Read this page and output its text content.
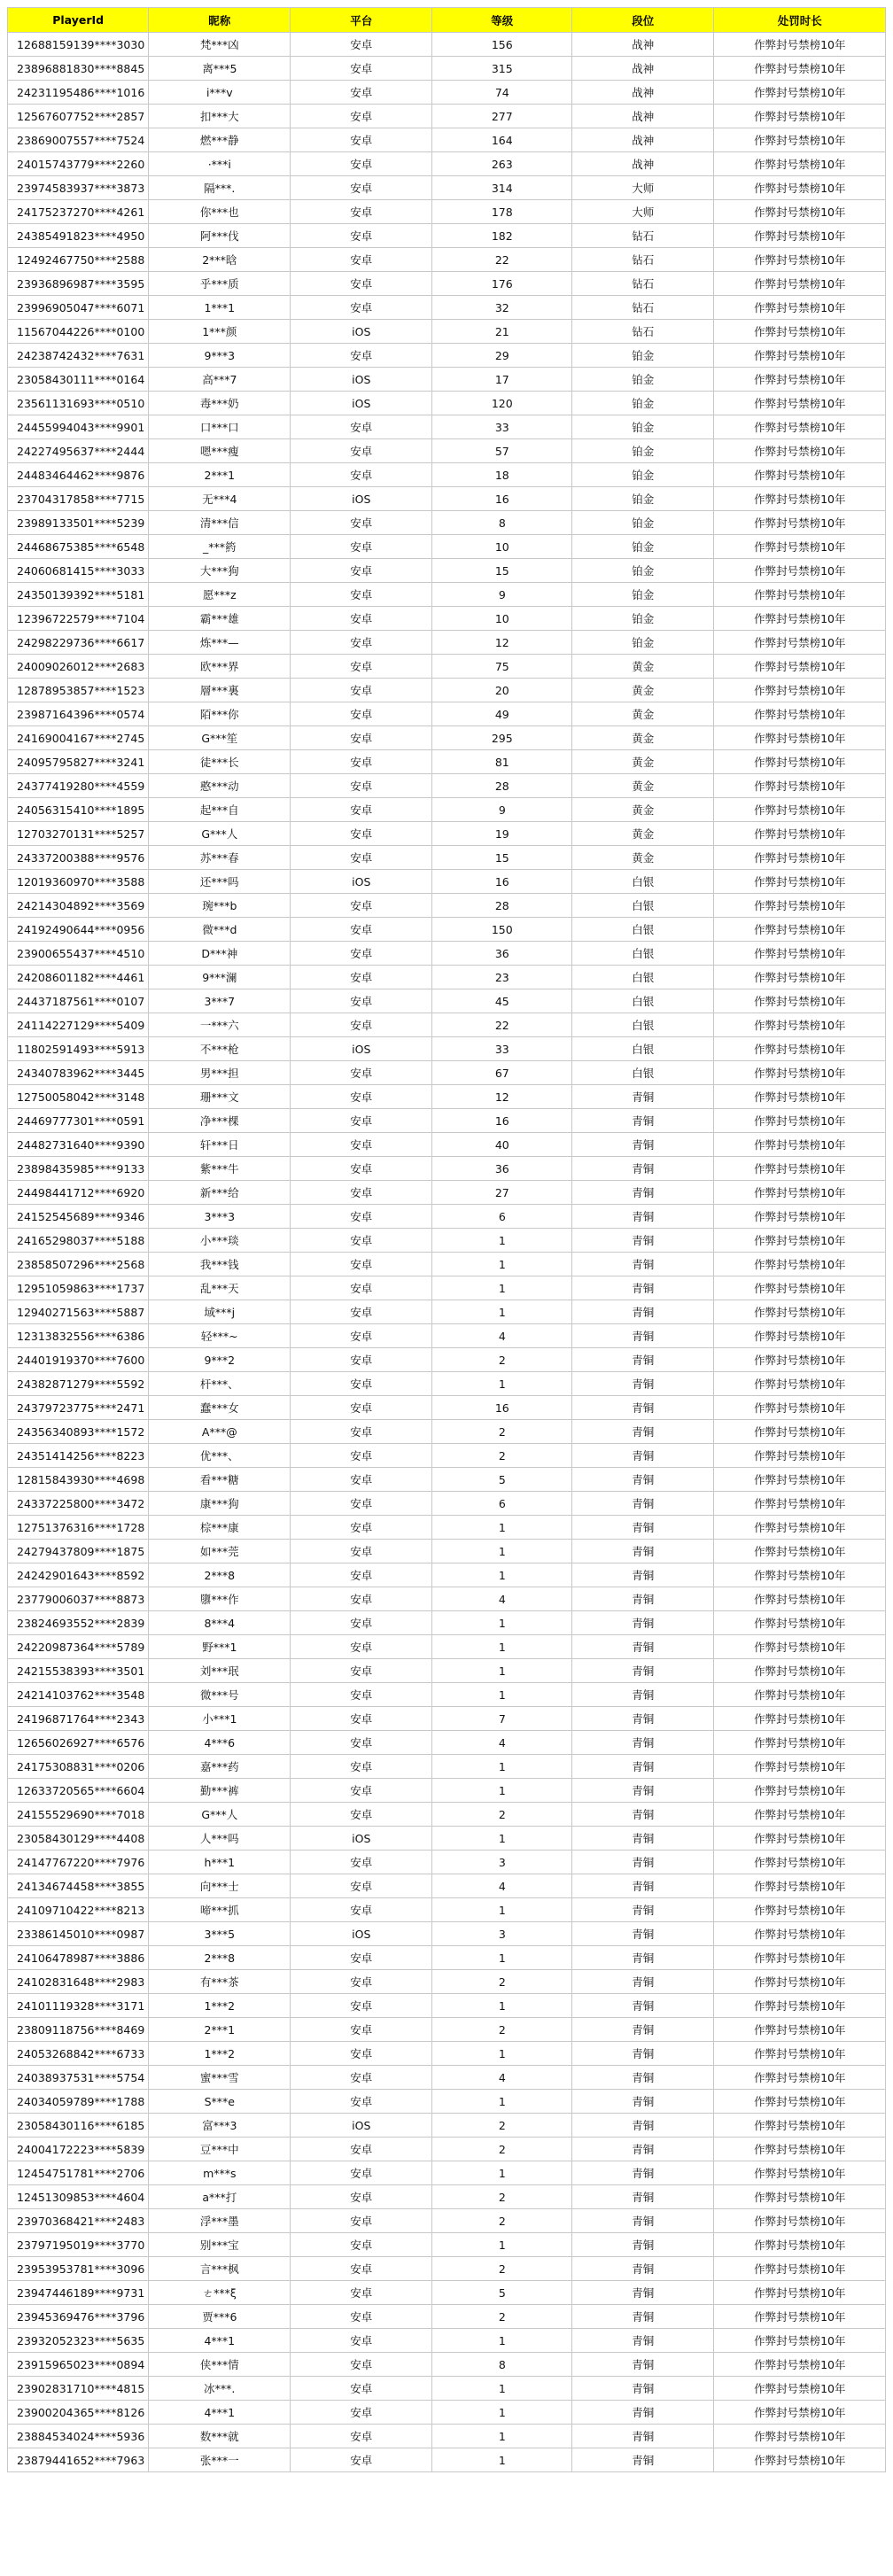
PlayerId	昵称	平台	等级	段位	处罚时长
12688159139****3030	梵***凶	安卓	156	战神	作弊封号禁榜10年
23896881830****8845	离***5	安卓	315	战神	作弊封号禁榜10年
24231195486****1016	i***v	安卓	74	战神	作弊封号禁榜10年
12567607752****2857	扣***大	安卓	277	战神	作弊封号禁榜10年
23869007557****7524	燃***静	安卓	164	战神	作弊封号禁榜10年
24015743779****2260	·***i	安卓	263	战神	作弊封号禁榜10年
23974583937****3873	隔***.	安卓	314	大师	作弊封号禁榜10年
24175237270****4261	你***也	安卓	178	大师	作弊封号禁榜10年
24385491823****4950	阿***伐	安卓	182	钻石	作弊封号禁榜10年
12492467750****2588	2***晗	安卓	22	钻石	作弊封号禁榜10年
23936896987****3595	乎***质	安卓	176	钻石	作弊封号禁榜10年
23996905047****6071	1***1	安卓	32	钻石	作弊封号禁榜10年
11567044226****0100	1***颜	iOS	21	钻石	作弊封号禁榜10年
24238742432****7631	9***3	安卓	29	铂金	作弊封号禁榜10年
23058430111****0164	高***7	iOS	17	铂金	作弊封号禁榜10年
23561131693****0510	毒***奶	iOS	120	铂金	作弊封号禁榜10年
24455994043****9901	口***口	安卓	33	铂金	作弊封号禁榜10年
24227495637****2444	嗯***瘦	安卓	57	铂金	作弊封号禁榜10年
24483464462****9876	2***1	安卓	18	铂金	作弊封号禁榜10年
23704317858****7715	无***4	iOS	16	铂金	作弊封号禁榜10年
23989133501****5239	清***信	安卓	8	铂金	作弊封号禁榜10年
24468675385****6548	_***箹	安卓	10	铂金	作弊封号禁榜10年
24060681415****3033	大***狗	安卓	15	铂金	作弊封号禁榜10年
24350139392****5181	愿***z	安卓	9	铂金	作弊封号禁榜10年
12396722579****7104	霸***雄	安卓	10	铂金	作弊封号禁榜10年
24298229736****6617	炼***—	安卓	12	铂金	作弊封号禁榜10年
24009026012****2683	欧***界	安卓	75	黄金	作弊封号禁榜10年
12878953857****1523	層***裏	安卓	20	黄金	作弊封号禁榜10年
23987164396****0574	陌***你	安卓	49	黄金	作弊封号禁榜10年
24169004167****2745	G***笙	安卓	295	黄金	作弊封号禁榜10年
24095795827****3241	徒***长	安卓	81	黄金	作弊封号禁榜10年
24377419280****4559	憨***动	安卓	28	黄金	作弊封号禁榜10年
24056315410****1895	起***自	安卓	9	黄金	作弊封号禁榜10年
12703270131****5257	G***人	安卓	19	黄金	作弊封号禁榜10年
24337200388****9576	苏***春	安卓	15	黄金	作弊封号禁榜10年
12019360970****3588	还***吗	iOS	16	白银	作弊封号禁榜10年
24214304892****3569	琬***b	安卓	28	白银	作弊封号禁榜10年
24192490644****0956	微***d	安卓	150	白银	作弊封号禁榜10年
23900655437****4510	D***神	安卓	36	白银	作弊封号禁榜10年
24208601182****4461	9***澜	安卓	23	白银	作弊封号禁榜10年
24437187561****0107	3***7	安卓	45	白银	作弊封号禁榜10年
24114227129****5409	一***六	安卓	22	白银	作弊封号禁榜10年
11802591493****5913	不***枪	iOS	33	白银	作弊封号禁榜10年
24340783962****3445	男***担	安卓	67	白银	作弊封号禁榜10年
12750058042****3148	珊***文	安卓	12	青铜	作弊封号禁榜10年
24469777301****0591	净***棵	安卓	16	青铜	作弊封号禁榜10年
24482731640****9390	轩***日	安卓	40	青铜	作弊封号禁榜10年
23898435985****9133	紫***牛	安卓	36	青铜	作弊封号禁榜10年
24498441712****6920	新***给	安卓	27	青铜	作弊封号禁榜10年
24152545689****9346	3***3	安卓	6	青铜	作弊封号禁榜10年
24165298037****5188	小***琰	安卓	1	青铜	作弊封号禁榜10年
23858507296****2568	我***钱	安卓	1	青铜	作弊封号禁榜10年
12951059863****1737	乱***天	安卓	1	青铜	作弊封号禁榜10年
12940271563****5887	域***j	安卓	1	青铜	作弊封号禁榜10年
12313832556****6386	轻***~	安卓	4	青铜	作弊封号禁榜10年
24401919370****7600	9***2	安卓	2	青铜	作弊封号禁榜10年
24382871279****5592	杆***、	安卓	1	青铜	作弊封号禁榜10年
24379723775****2471	蠢***女	安卓	16	青铜	作弊封号禁榜10年
24356340893****1572	A***@	安卓	2	青铜	作弊封号禁榜10年
24351414256****8223	优***、	安卓	2	青铜	作弊封号禁榜10年
12815843930****4698	看***糖	安卓	5	青铜	作弊封号禁榜10年
24337225800****3472	康***狗	安卓	6	青铜	作弊封号禁榜10年
12751376316****1728	棕***康	安卓	1	青铜	作弊封号禁榜10年
24279437809****1875	如***莞	安卓	1	青铜	作弊封号禁榜10年
24242901643****8592	2***8	安卓	1	青铜	作弊封号禁榜10年
23779006037****8873	隳***作	安卓	4	青铜	作弊封号禁榜10年
23824693552****2839	8***4	安卓	1	青铜	作弊封号禁榜10年
24220987364****5789	野***1	安卓	1	青铜	作弊封号禁榜10年
24215538393****3501	刘***珉	安卓	1	青铜	作弊封号禁榜10年
24214103762****3548	微***号	安卓	1	青铜	作弊封号禁榜10年
24196871764****2343	小***1	安卓	7	青铜	作弊封号禁榜10年
12656026927****6576	4***6	安卓	4	青铜	作弊封号禁榜10年
24175308831****0206	嘉***药	安卓	1	青铜	作弊封号禁榜10年
12633720565****6604	勤***裤	安卓	1	青铜	作弊封号禁榜10年
24155529690****7018	G***人	安卓	2	青铜	作弊封号禁榜10年
23058430129****4408	人***吗	iOS	1	青铜	作弊封号禁榜10年
24147767220****7976	h***1	安卓	3	青铜	作弊封号禁榜10年
24134674458****3855	向***士	安卓	4	青铜	作弊封号禁榜10年
24109710422****8213	啼***抓	安卓	1	青铜	作弊封号禁榜10年
23386145010****0987	3***5	iOS	3	青铜	作弊封号禁榜10年
24106478987****3886	2***8	安卓	1	青铜	作弊封号禁榜10年
24102831648****2983	有***茶	安卓	2	青铜	作弊封号禁榜10年
24101119328****3171	1***2	安卓	1	青铜	作弊封号禁榜10年
23809118756****8469	2***1	安卓	2	青铜	作弊封号禁榜10年
24053268842****6733	1***2	安卓	1	青铜	作弊封号禁榜10年
24038937531****5754	蜜***雪	安卓	4	青铜	作弊封号禁榜10年
24034059789****1788	S***e	安卓	1	青铜	作弊封号禁榜10年
23058430116****6185	富***3	iOS	2	青铜	作弊封号禁榜10年
24004172223****5839	豆***中	安卓	2	青铜	作弊封号禁榜10年
12454751781****2706	m***s	安卓	1	青铜	作弊封号禁榜10年
12451309853****4604	a***打	安卓	2	青铜	作弊封号禁榜10年
23970368421****2483	浮***墨	安卓	2	青铜	作弊封号禁榜10年
23797195019****3770	别***宝	安卓	1	青铜	作弊封号禁榜10年
23953953781****3096	言***枫	安卓	2	青铜	作弊封号禁榜10年
23947446189****9731	ㄜ***ξ	安卓	5	青铜	作弊封号禁榜10年
23945369476****3796	贾***6	安卓	2	青铜	作弊封号禁榜10年
23932052323****5635	4***1	安卓	1	青铜	作弊封号禁榜10年
23915965023****0894	侠***情	安卓	8	青铜	作弊封号禁榜10年
23902831710****4815	冰***.	安卓	1	青铜	作弊封号禁榜10年
23900204365****8126	4***1	安卓	1	青铜	作弊封号禁榜10年
23884534024****5936	数***就	安卓	1	青铜	作弊封号禁榜10年
23879441652****7963	张***一	安卓	1	青铜	作弊封号禁榜10年
